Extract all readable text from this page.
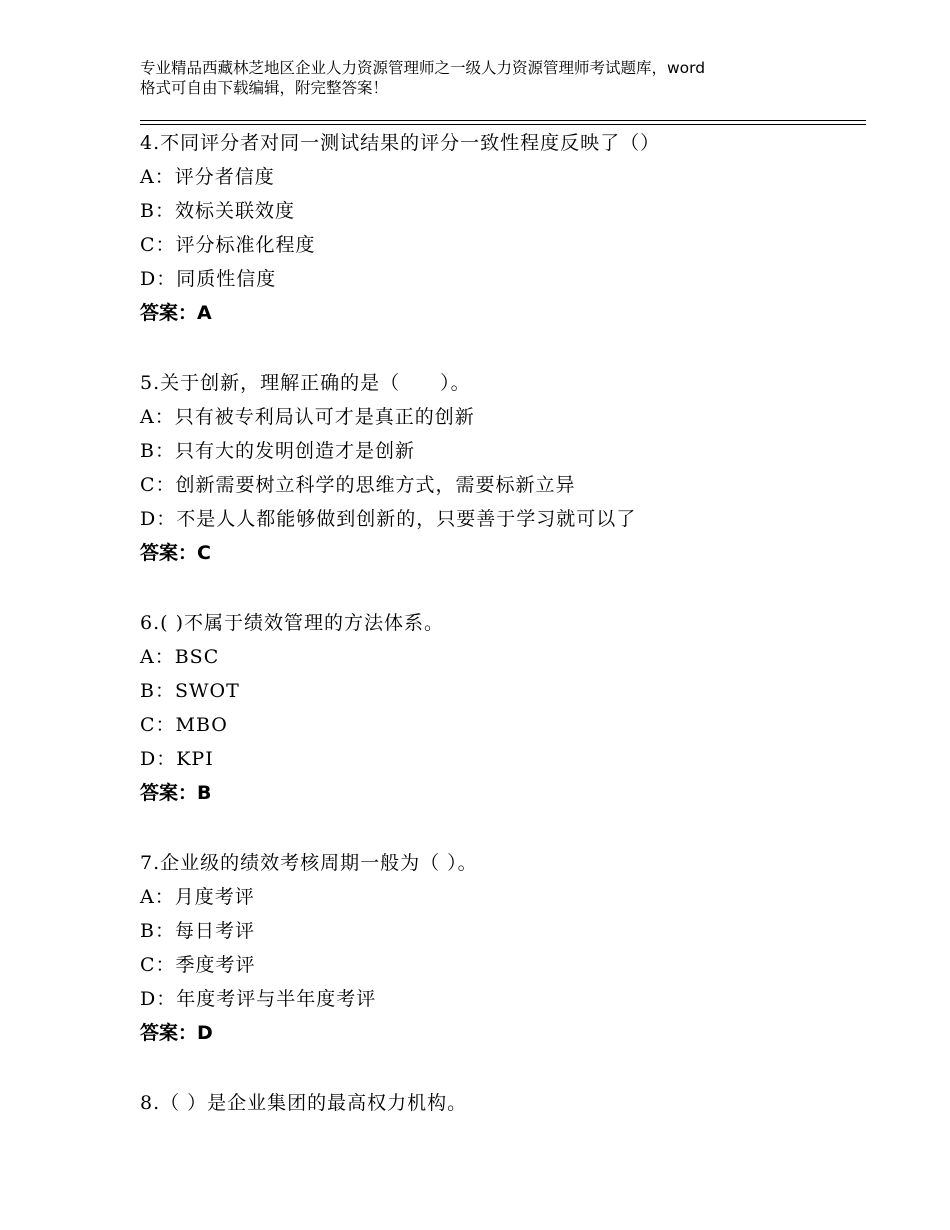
专业精品西藏林芝地区企业人力资源管理师之一级人力资源管理师考试题库，word
格式可自由下载编辑，附完整答案！
4.不同评分者对同一测试结果的评分一致性程度反映了（）
A：评分者信度
B：效标关联效度
C：评分标准化程度
D：同质性信度
答案：A
5.关于创新，理解正确的是（　　）。
A：只有被专利局认可才是真正的创新
B：只有大的发明创造才是创新
C：创新需要树立科学的思维方式，需要标新立异
D：不是人人都能够做到创新的，只要善于学习就可以了
答案：C
6.( )不属于绩效管理的方法体系。
A：BSC
B：SWOT
C：MBO
D：KPI
答案：B
7.企业级的绩效考核周期一般为（ ）。
A：月度考评
B：每日考评
C：季度考评
D：年度考评与半年度考评
答案：D
8.（ ）是企业集团的最高权力机构。
